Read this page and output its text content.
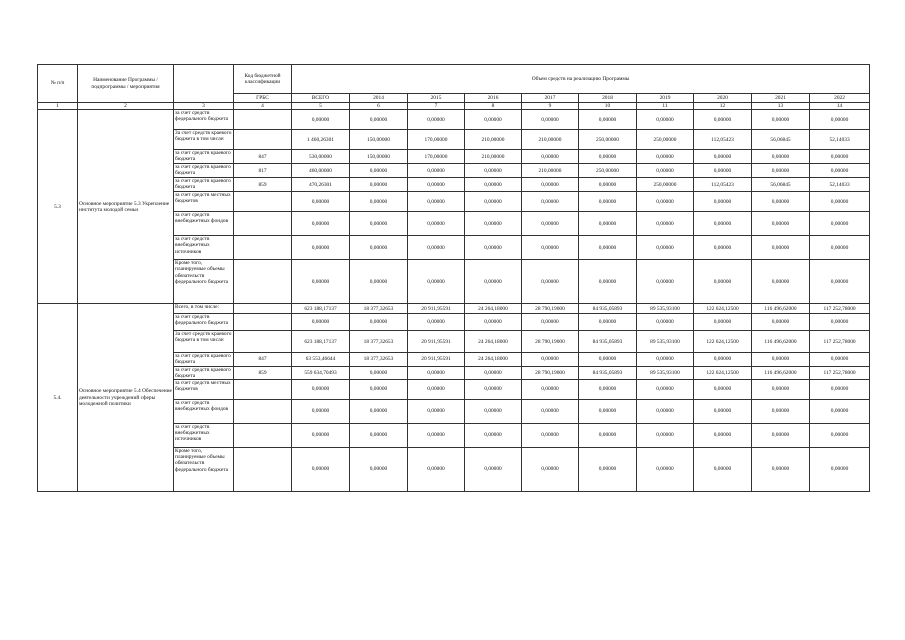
№ п/п	Наименование Программы / подпрограммы / мероприятия		Код бюджетной классификации	Объем средств на реализацию Программы									
			ГРБС	ВСЕГО	2014	2015	2016	2017	2018	2019	2020	2021	2022
1	2	3	4	5	6	7	8	9	10	11	12	13	14
5.3	Основное мероприятие 5.3 Укрепление института молодой семьи	за счет средств федерального бюджета		0,00000	0,00000	0,00000	0,00000	0,00000	0,00000	0,00000	0,00000	0,00000	0,00000
		За счет средств краевого бюджета в том числе:		1 460,26301	150,00000	170,00000	210,00000	210,00000	250,00000	250,00000	112,05423	56,06845	52,14033
		за счет средств краевого бюджета	847	530,00000	150,00000	170,00000	210,00000	0,00000	0,00000	0,00000	0,00000	0,00000	0,00000
		за счет средств краевого бюджета	817	460,00000	0,00000	0,00000	0,00000	210,00000	250,00000	0,00000	0,00000	0,00000	0,00000
		за счет средств краевого бюджета	859	470,26301	0,00000	0,00000	0,00000	0,00000	0,00000	250,00000	112,05423	56,06845	52,14033
		за счет средств местных бюджетов		0,00000	0,00000	0,00000	0,00000	0,00000	0,00000	0,00000	0,00000	0,00000	0,00000
		за счет средств внебюджетных фондов		0,00000	0,00000	0,00000	0,00000	0,00000	0,00000	0,00000	0,00000	0,00000	0,00000
		за счет средств внебюджетных источников		0,00000	0,00000	0,00000	0,00000	0,00000	0,00000	0,00000	0,00000	0,00000	0,00000
		Кроме того, планируемые объемы обязательств федерального бюджета		0,00000	0,00000	0,00000	0,00000	0,00000	0,00000	0,00000	0,00000	0,00000	0,00000
5.4.	Основное мероприятие 5.4 Обеспечение деятельности учреждений сферы молодежной политики	Всего, в том числе:		623 188,17137	18 377,32653	20 911,95591	24 264,18000	28 790,19000	84 935,05893	89 535,93100	122 624,12500	116 496,62000	117 252,78000
		за счет средств федерального бюджета		0,00000	0,00000	0,00000	0,00000	0,00000	0,00000	0,00000	0,00000	0,00000	0,00000
		За счет средств краевого бюджета в том числе:		623 188,17137	18 377,32653	20 911,95591	24 264,18000	28 790,19000	84 935,05893	89 535,93100	122 624,12500	116 496,62000	117 252,78000
		за счет средств краевого бюджета	847	63 553,46644	18 377,32653	20 911,95591	24 264,18000	0,00000	0,00000	0,00000	0,00000	0,00000	0,00000
		за счет средств краевого бюджета	859	559 634,70493	0,00000	0,00000	0,00000	28 790,19000	84 935,05893	89 535,93100	122 624,12500	116 496,62000	117 252,78000
		за счет средств местных бюджетов		0,00000	0,00000	0,00000	0,00000	0,00000	0,00000	0,00000	0,00000	0,00000	0,00000
		за счет средств внебюджетных фондов		0,00000	0,00000	0,00000	0,00000	0,00000	0,00000	0,00000	0,00000	0,00000	0,00000
		за счет средств внебюджетных источников		0,00000	0,00000	0,00000	0,00000	0,00000	0,00000	0,00000	0,00000	0,00000	0,00000
		Кроме того, планируемые объемы обязательств федерального бюджета		0,00000	0,00000	0,00000	0,00000	0,00000	0,00000	0,00000	0,00000	0,00000	0,00000
